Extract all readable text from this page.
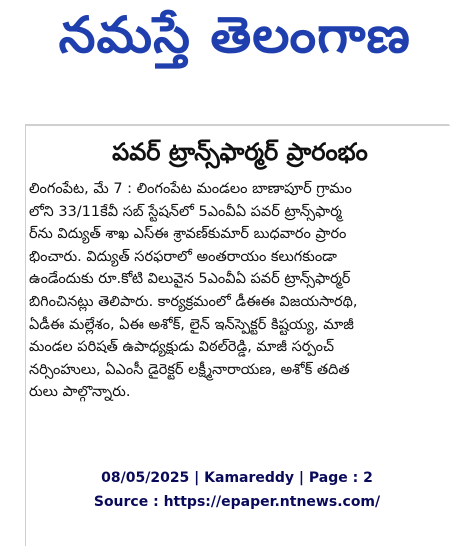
నమస్తే తెలంగాణ
పవర్ ట్రాన్స్‌ఫార్మర్ ప్రారంభం
లింగంపేట, మే 7 : లింగంపేట మండలం బాణాపూర్ గ్రామం
లోని 33/11కేవీ సబ్ స్టేషన్‌లో 5ఎంవీఏ పవర్ ట్రాన్స్‌ఫార్మ
ర్‌ను విద్యుత్ శాఖ ఎస్ఈ శ్రావణ్‌కుమార్ బుధవారం ప్రారం
భించారు. విద్యుత్ సరఫరాలో అంతరాయం కలుగకుండా
ఉండేందుకు రూ.కోటి విలువైన 5ఎంవీఏ పవర్ ట్రాన్స్‌ఫార్మర్
బిగించినట్లు తెలిపారు. కార్యక్రమంలో డీఈఈ విజయసారథి,
ఏడీఈ మల్లేశం, ఏఈ అశోక్, లైన్ ఇన్‌స్పెక్టర్ కిష్టయ్య, మాజీ
మండల పరిషత్ ఉపాధ్యక్షుడు విఠల్‌రెడ్డి, మాజీ సర్పంచ్
నర్సింహులు, ఏఎంసీ డైరెక్టర్ లక్ష్మీనారాయణ, అశోక్ తదిత
రులు పాల్గొన్నారు.
08/05/2025 | Kamareddy | Page : 2
Source : https://epaper.ntnews.com/
